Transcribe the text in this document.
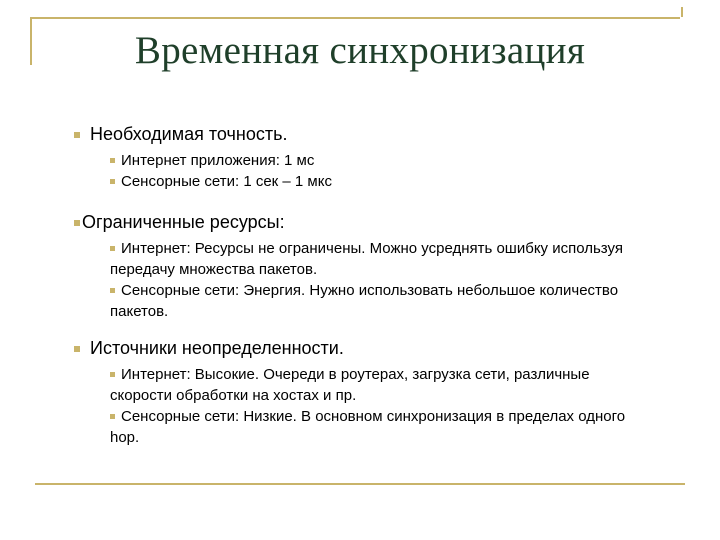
Временная синхронизация
Необходимая точность.
Интернет приложения: 1 мс
Сенсорные сети: 1 сек – 1 мкс
Ограниченные ресурсы:
Интернет: Ресурсы не ограничены. Можно усреднять ошибку используя передачу множества пакетов.
Сенсорные сети: Энергия. Нужно использовать небольшое количество пакетов.
Источники неопределенности.
Интернет: Высокие. Очереди в роутерах, загрузка сети, различные скорости обработки на хостах и пр.
Сенсорные сети: Низкие. В основном синхронизация в пределах одного hop.
